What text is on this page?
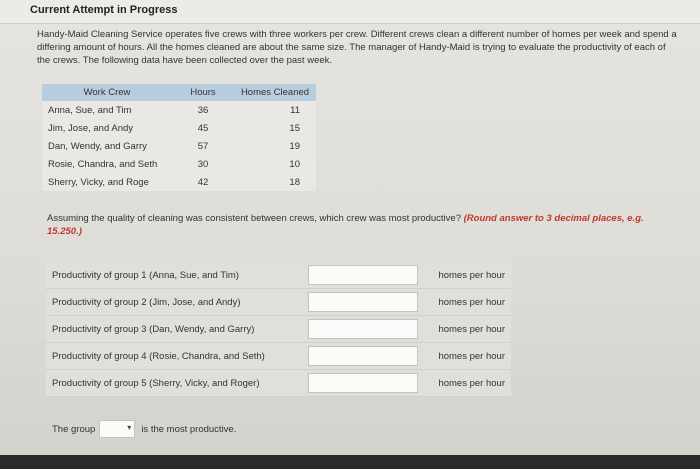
Current Attempt in Progress
Handy-Maid Cleaning Service operates five crews with three workers per crew. Different crews clean a different number of homes per week and spend a differing amount of hours. All the homes cleaned are about the same size. The manager of Handy-Maid is trying to evaluate the productivity of each of the crews. The following data have been collected over the past week.
Work Crew	Hours	Homes Cleaned
Anna, Sue, and Tim	36	11
Jim, Jose, and Andy	45	15
Dan, Wendy, and Garry	57	19
Rosie, Chandra, and Seth	30	10
Sherry, Vicky, and Roge	42	18
Assuming the quality of cleaning was consistent between crews, which crew was most productive? (Round answer to 3 decimal places, e.g. 15.250.)
Productivity of group 1 (Anna, Sue, and Tim)	homes per hour
Productivity of group 2 (Jim, Jose, and Andy)	homes per hour
Productivity of group 3 (Dan, Wendy, and Garry)	homes per hour
Productivity of group 4 (Rosie, Chandra, and Seth)	homes per hour
Productivity of group 5 (Sherry, Vicky, and Roger)	homes per hour
The group	▾ is the most productive.
